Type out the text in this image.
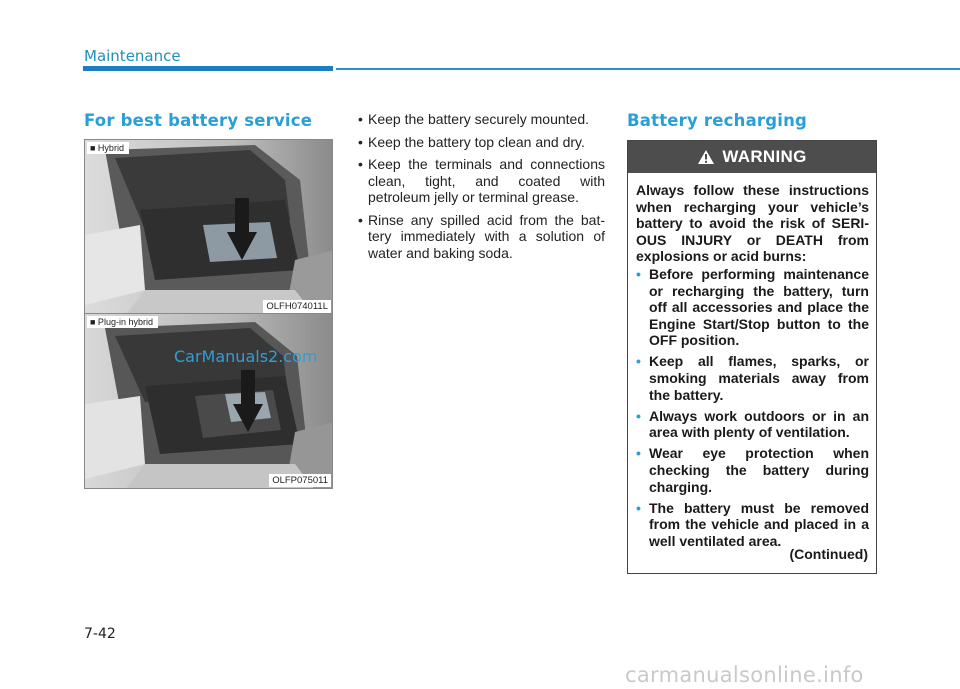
Maintenance
For best battery service
■ Hybrid
OLFH074011L
■ Plug-in hybrid
OLFP075011
CarManuals2.com
• Keep the battery securely mounted.
• Keep the battery top clean and dry.
• Keep the terminals and connections clean, tight, and coated with petroleum jelly or terminal grease.
• Rinse any spilled acid from the battery immediately with a solution of water and baking soda.
Battery recharging
WARNING

Always follow these instructions when recharging your vehicle’s battery to avoid the risk of SERIOUS INJURY or DEATH from explosions or acid burns:

• Before performing maintenance or recharging the battery, turn off all accessories and place the Engine Start/Stop button to the OFF position.
• Keep all flames, sparks, or smoking materials away from the battery.
• Always work outdoors or in an area with plenty of ventilation.
• Wear eye protection when checking the battery during charging.
• The battery must be removed from the vehicle and placed in a well ventilated area.
(Continued)
7-42
carmanualsonline.info
